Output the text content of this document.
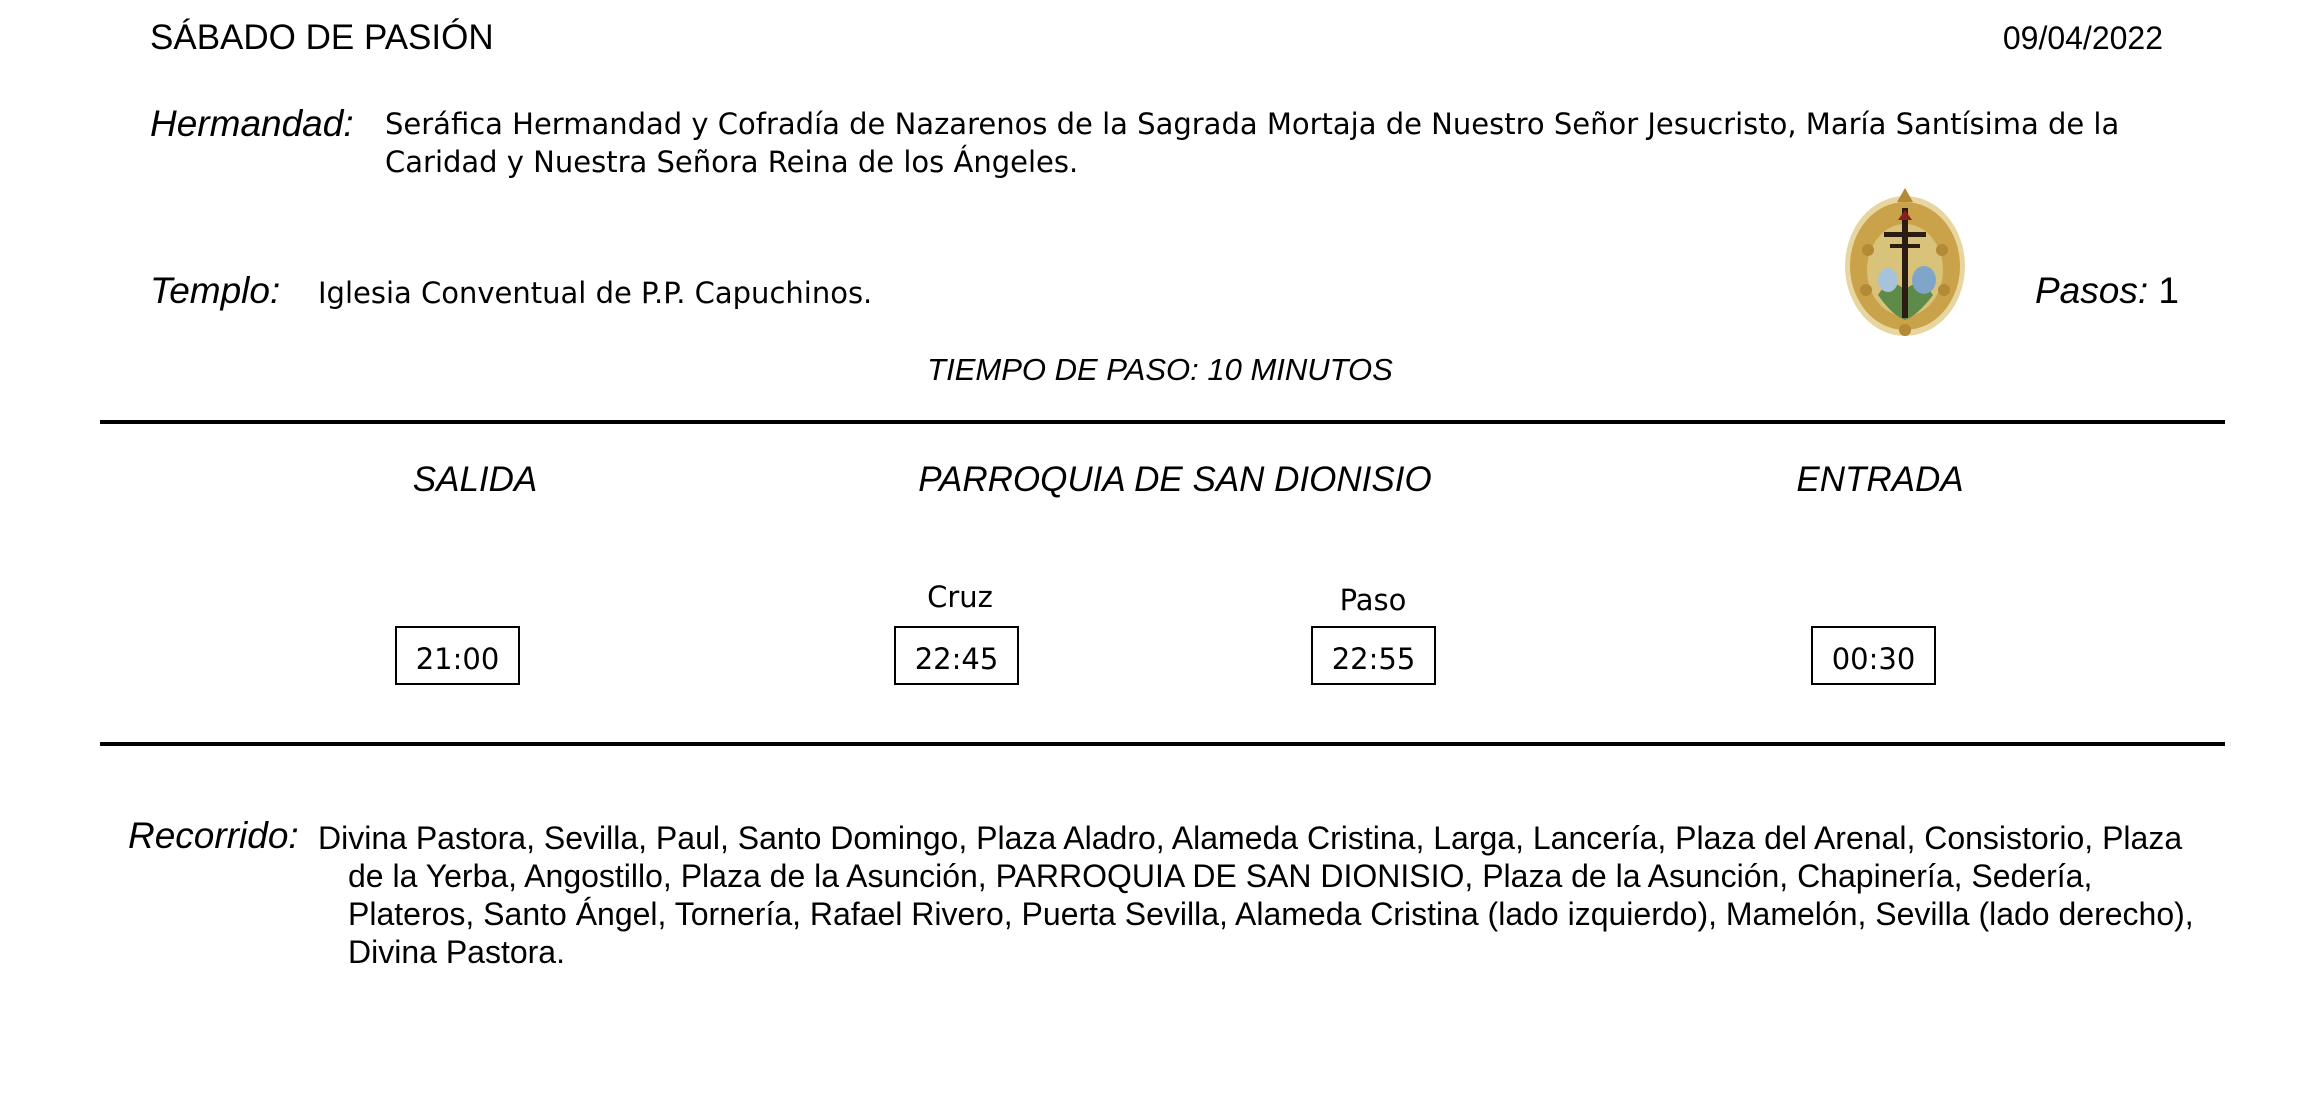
SÁBADO DE PASIÓN	09/04/2022
Hermandad: Seráfica Hermandad y Cofradía de Nazarenos de la Sagrada Mortaja de Nuestro Señor Jesucristo, María Santísima de la Caridad y Nuestra Señora Reina de los Ángeles.
Templo: Iglesia Conventual de P.P. Capuchinos.	Pasos: 1
TIEMPO DE PASO: 10 MINUTOS
SALIDA	PARROQUIA DE SAN DIONISIO	ENTRADA
Cruz	Paso
21:00	22:45	22:55	00:30
Recorrido: Divina Pastora, Sevilla, Paul, Santo Domingo, Plaza Aladro, Alameda Cristina, Larga, Lancería, Plaza del Arenal, Consistorio, Plaza de la Yerba, Angostillo, Plaza de la Asunción, PARROQUIA DE SAN DIONISIO, Plaza de la Asunción, Chapinería, Sedería, Plateros, Santo Ángel, Tornería, Rafael Rivero, Puerta Sevilla, Alameda Cristina (lado izquierdo), Mamelón, Sevilla (lado derecho), Divina Pastora.
